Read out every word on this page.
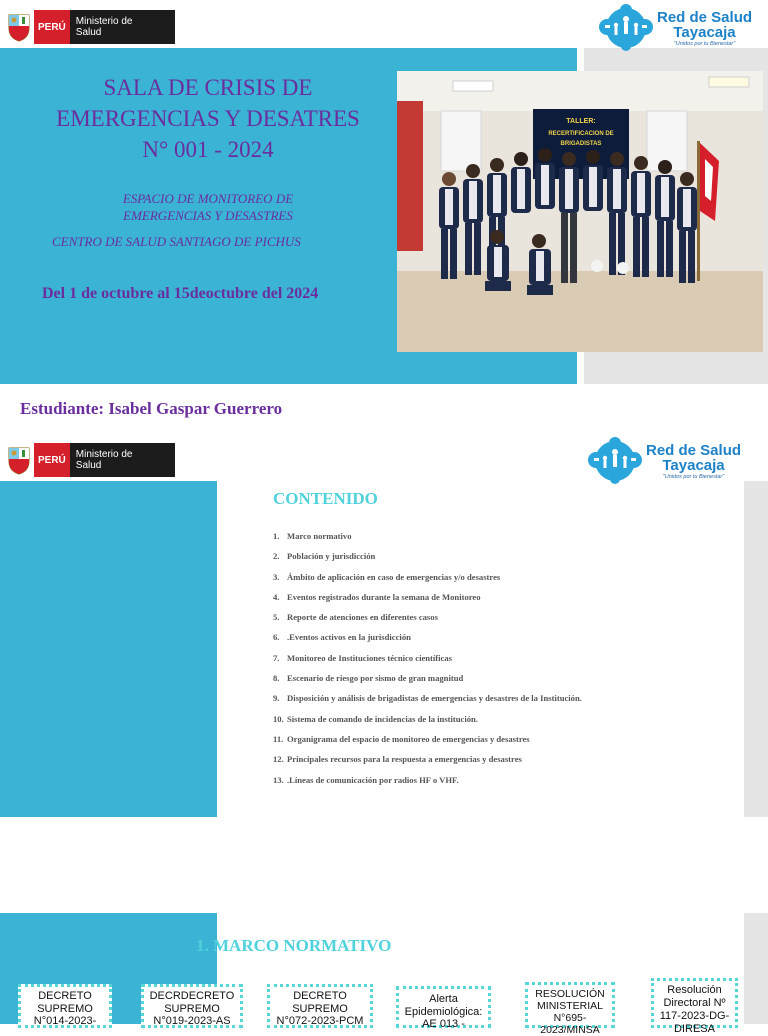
PERÚ	Ministerio de Salud
Red de Salud
Tayacaja
"Unidos por tu Bienestar"
SALA DE CRISIS DE
EMERGENCIAS Y DESATRES
N° 001 - 2024
ESPACIO DE MONITOREO DE
EMERGENCIAS Y DESASTRES
CENTRO DE SALUD SANTIAGO DE PICHUS
Del 1 de octubre al 15deoctubre del 2024
TALLER:
RECERTIFICACION DE
BRIGADISTAS
Estudiante: Isabel Gaspar Guerrero
PERÚ	Ministerio de Salud
Red de Salud
Tayacaja
"Unidos por tu Bienestar"
CONTENIDO
1. Marco normativo
2. Población y jurisdicción
3. Ámbito de aplicación en caso de emergencias y/o desastres
4. Eventos registrados durante la semana de Monitoreo
5. Reporte de atenciones en diferentes casos
6. .Eventos activos en la jurisdicción
7. Monitoreo de Instituciones técnico científicas
8. Escenario de riesgo por sismo de gran magnitud
9. Disposición y análisis de brigadistas de emergencias y desastres de la Institución.
10. Sistema de comando de incidencias de la institución.
11. Organigrama del espacio de monitoreo de emergencias y desastres
12. Principales recursos para la respuesta a emergencias y desastres
13. .Líneas de comunicación por radios HF o VHF.
1. MARCO NORMATIVO
DECRETO
SUPREMO
N°014-2023-
DECRDECRETO
SUPREMO
N°019-2023-AS
DECRETO
SUPREMO
N°072-2023-PCM
Alerta
Epidemiológica:
AE 013 -
RESOLUCIÓN
MINISTERIAL
N°695-
2023/MINSA
Resolución
Directoral Nº
117-2023-DG-
DIRESA
